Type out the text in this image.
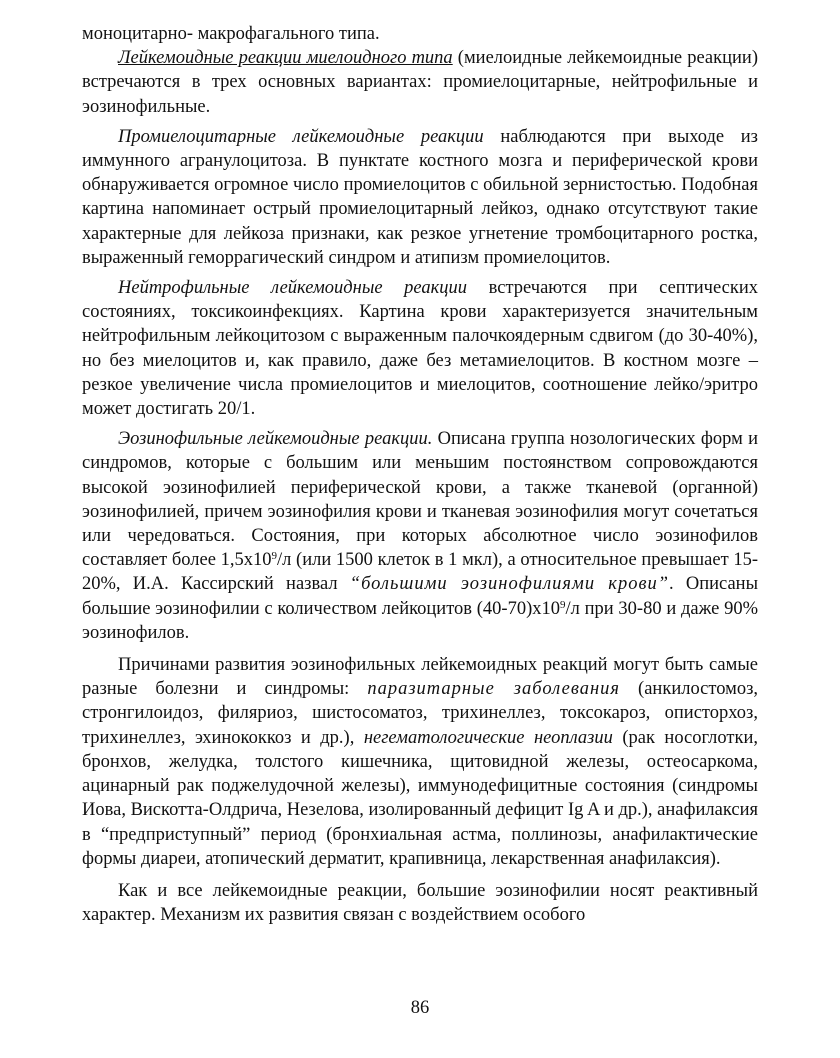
моноцитарно- макрофагального типа.

Лейкемоидные реакции миелоидного типа (миелоидные лейкемоидные реакции) встречаются в трех основных вариантах: промиелоцитарные, нейтрофильные и эозинофильные.

Промиелоцитарные лейкемоидные реакции наблюдаются при выходе из иммунного агранулоцитоза. В пунктате костного мозга и периферической крови обнаруживается огромное число промиелоцитов с обильной зернистостью. Подобная картина напоминает острый промиелоцитарный лейкоз, однако отсутствуют такие характерные для лейкоза признаки, как резкое угнетение тромбоцитарного ростка, выраженный геморрагический синдром и атипизм промиелоцитов.

Нейтрофильные лейкемоидные реакции встречаются при септических состояниях, токсикоинфекциях. Картина крови характеризуется значительным нейтрофильным лейкоцитозом с выраженным палочкоядерным сдвигом (до 30-40%), но без миелоцитов и, как правило, даже без метамиелоцитов. В костном мозге – резкое увеличение числа промиелоцитов и миелоцитов, соотношение лейко/эритро может достигать 20/1.

Эозинофильные лейкемоидные реакции. Описана группа нозологических форм и синдромов, которые с большим или меньшим постоянством сопровождаются высокой эозинофилией периферической крови, а также тканевой (органной) эозинофилией, причем эозинофилия крови и тканевая эозинофилия могут сочетаться или чередоваться. Состояния, при которых абсолютное число эозинофилов составляет более $1,5х10^9/л$ (или 1500 клеток в 1 мкл), а относительное превышает 15-20%, И.А. Кассирский назвал “большими эозинофилиями крови”. Описаны большие эозинофилии с количеством лейкоцитов $(40-70)х10^9/л$ при 30-80 и даже 90% эозинофилов.

Причинами развития эозинофильных лейкемоидных реакций могут быть самые разные болезни и синдромы: паразитарные заболевания (анкилостомоз, стронгилоидоз, филяриоз, шистосоматоз, трихинеллез, токсокароз, описторхоз, трихинеллез, эхинококкоз и др.), негематологические неоплазии (рак носоглотки, бронхов, желудка, толстого кишечника, щитовидной железы, остеосаркома, ацинарный рак поджелудочной железы), иммунодефицитные состояния (синдромы Иова, Вискотта-Олдрича, Незелова, изолированный дефицит Ig A и др.), анафилаксия в “предприступный” период (бронхиальная астма, поллинозы, анафилактические формы диареи, атопический дерматит, крапивница, лекарственная анафилаксия).

Как и все лейкемоидные реакции, большие эозинофилии носят реактивный характер. Механизм их развития связан с воздействием особого

86
